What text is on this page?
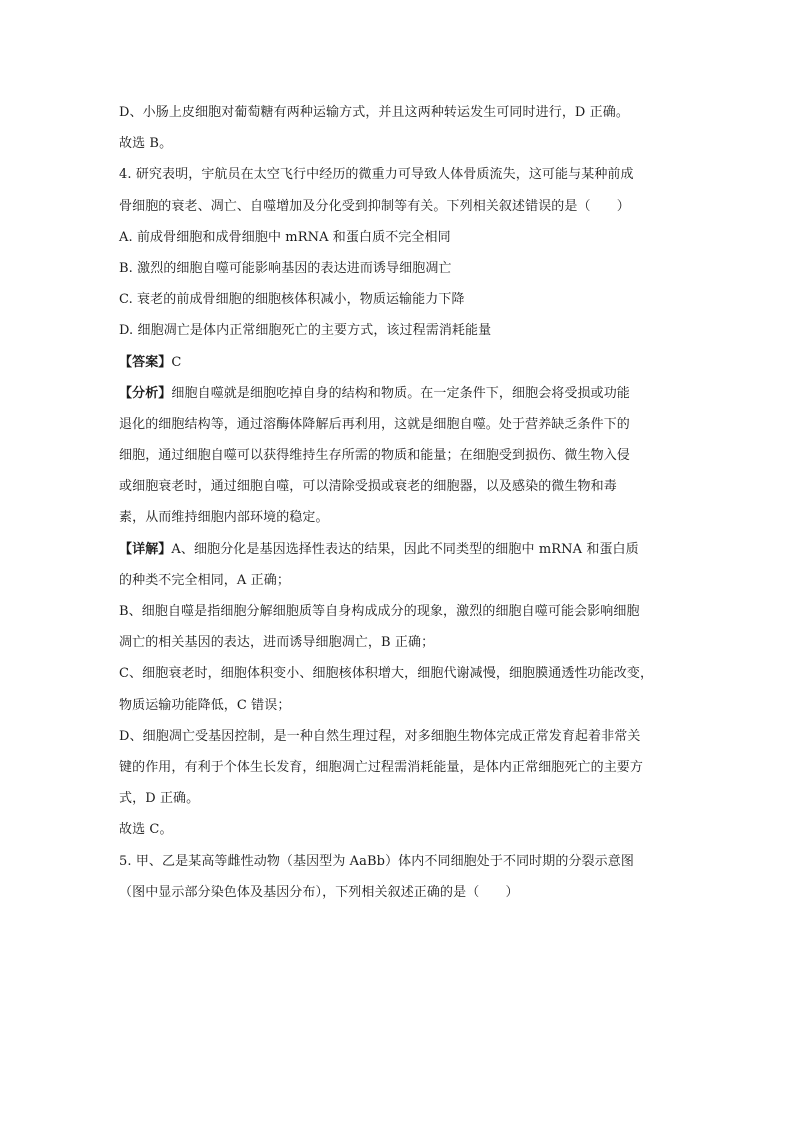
D、小肠上皮细胞对葡萄糖有两种运输方式，并且这两种转运发生可同时进行，D 正确。
故选 B。
4. 研究表明，宇航员在太空飞行中经历的微重力可导致人体骨质流失，这可能与某种前成
骨细胞的衰老、凋亡、自噬增加及分化受到抑制等有关。下列相关叙述错误的是（　　）
A. 前成骨细胞和成骨细胞中 mRNA 和蛋白质不完全相同
B. 激烈的细胞自噬可能影响基因的表达进而诱导细胞凋亡
C. 衰老的前成骨细胞的细胞核体积减小，物质运输能力下降
D. 细胞凋亡是体内正常细胞死亡的主要方式，该过程需消耗能量
【答案】C
【分析】细胞自噬就是细胞吃掉自身的结构和物质。在一定条件下，细胞会将受损或功能
退化的细胞结构等，通过溶酶体降解后再利用，这就是细胞自噬。处于营养缺乏条件下的
细胞，通过细胞自噬可以获得维持生存所需的物质和能量；在细胞受到损伤、微生物入侵
或细胞衰老时，通过细胞自噬，可以清除受损或衰老的细胞器，以及感染的微生物和毒
素，从而维持细胞内部环境的稳定。
【详解】A、细胞分化是基因选择性表达的结果，因此不同类型的细胞中 mRNA 和蛋白质
的种类不完全相同，A 正确；
B、细胞自噬是指细胞分解细胞质等自身构成成分的现象，激烈的细胞自噬可能会影响细胞
凋亡的相关基因的表达，进而诱导细胞凋亡，B 正确；
C、细胞衰老时，细胞体积变小、细胞核体积增大，细胞代谢减慢，细胞膜通透性功能改变，
物质运输功能降低，C 错误；
D、细胞凋亡受基因控制，是一种自然生理过程，对多细胞生物体完成正常发育起着非常关
键的作用，有利于个体生长发育，细胞凋亡过程需消耗能量，是体内正常细胞死亡的主要方
式，D 正确。
故选 C。
5. 甲、乙是某高等雌性动物（基因型为 AaBb）体内不同细胞处于不同时期的分裂示意图
（图中显示部分染色体及基因分布），下列相关叙述正确的是（　　）
